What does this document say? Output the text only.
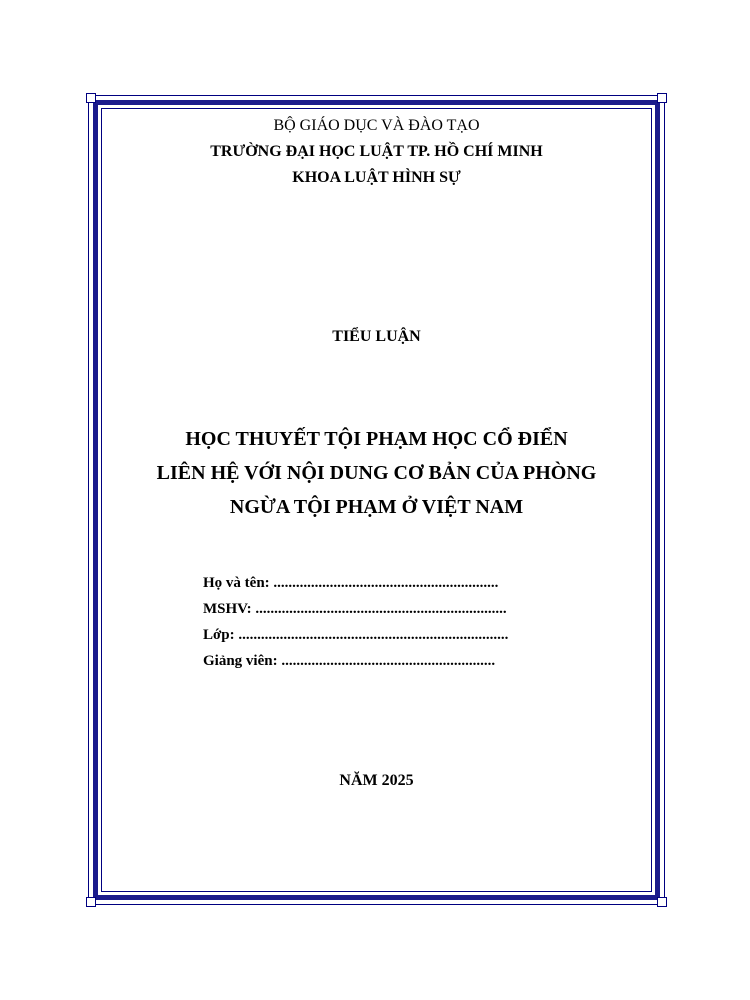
BỘ GIÁO DỤC VÀ ĐÀO TẠO
TRƯỜNG ĐẠI HỌC LUẬT TP. HỒ CHÍ MINH
KHOA LUẬT HÌNH SỰ
TIỂU LUẬN
HỌC THUYẾT TỘI PHẠM HỌC CỔ ĐIỂN
LIÊN HỆ VỚI NỘI DUNG CƠ BẢN CỦA PHÒNG
NGỪA TỘI PHẠM Ở VIỆT NAM
Họ và tên: ............................................................
MSHV: ...................................................................
Lớp: ........................................................................
Giảng viên: .........................................................
NĂM 2025
